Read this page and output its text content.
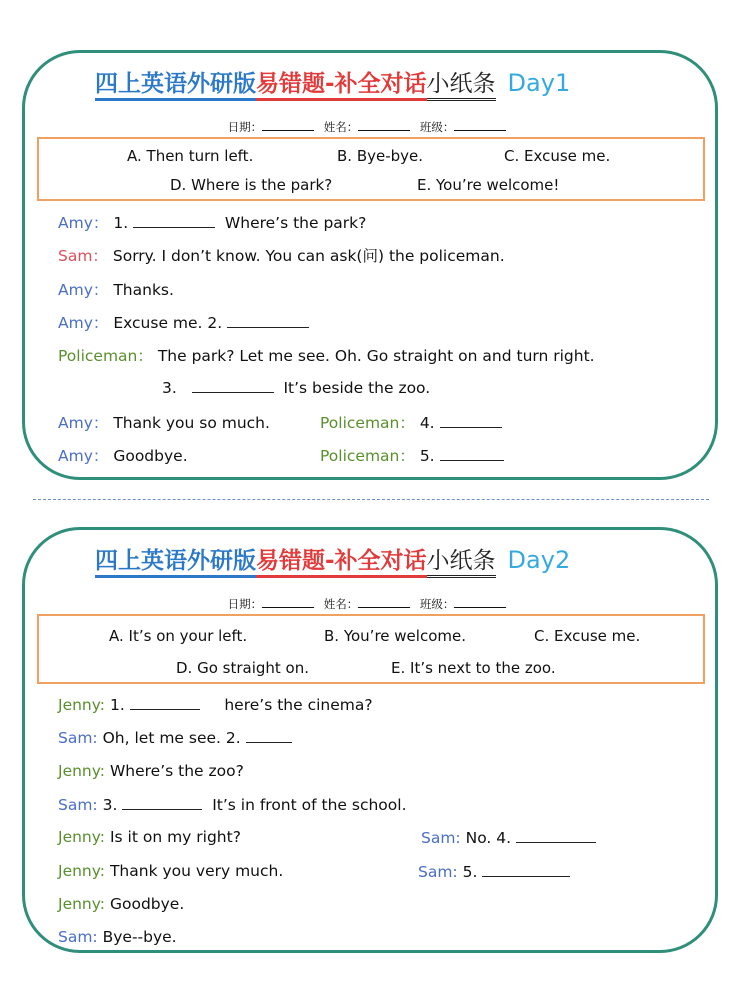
四上英语外研版易错题-补全对话小纸条 Day1
日期：	姓名：	班级：
A. Then turn left.	B. Bye-bye.	C. Excuse me.
D. Where is the park?	E. You’re welcome!
Amy： 1.	Where’s the park?
Sam： Sorry. I don’t know. You can ask(问) the policeman.
Amy： Thanks.
Amy： Excuse me. 2.
Policeman： The park? Let me see. Oh. Go straight on and turn right.
3.	It’s beside the zoo.
Amy： Thank you so much.	Policeman： 4.
Amy： Goodbye.	Policeman： 5.
四上英语外研版易错题-补全对话小纸条 Day2
日期：	姓名：	班级：
A. It’s on your left.	B. You’re welcome.	C. Excuse me.
D. Go straight on.	E. It’s next to the zoo.
Jenny: 1.	here’s the cinema?
Sam: Oh, let me see. 2.
Jenny: Where’s the zoo?
Sam: 3.	It’s in front of the school.
Jenny: Is it on my right?	Sam: No. 4.
Jenny: Thank you very much.	Sam: 5.
Jenny: Goodbye.
Sam: Bye--bye.
